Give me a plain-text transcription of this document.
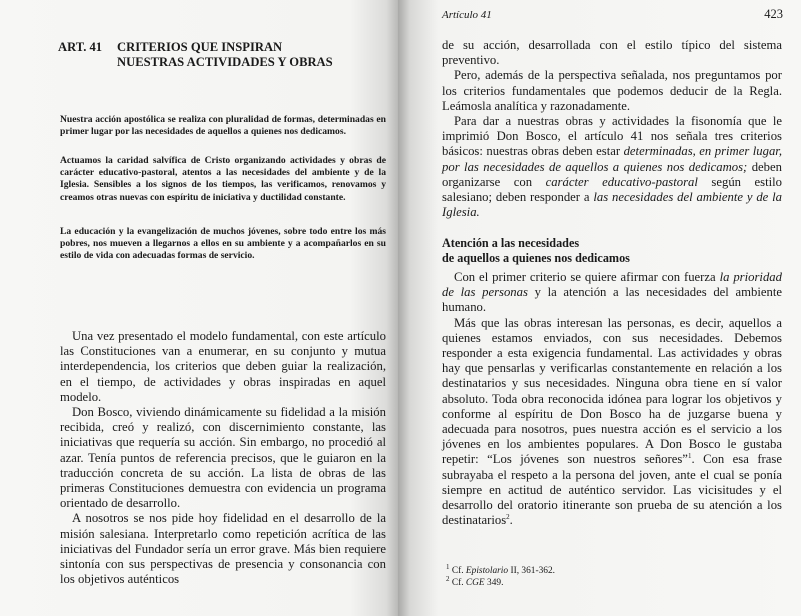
ART. 41 CRITERIOS QUE INSPIRAN
NUESTRAS ACTIVIDADES Y OBRAS

Nuestra acción apostólica se realiza con pluralidad de formas, determinadas en primer lugar por las necesidades de aquellos a quienes nos dedicamos.

Actuamos la caridad salvífica de Cristo organizando actividades y obras de carácter educativo-pastoral, atentos a las necesidades del ambiente y de la Iglesia. Sensibles a los signos de los tiempos, las verificamos, renovamos y creamos otras nuevas con espíritu de iniciativa y ductilidad constante.

La educación y la evangelización de muchos jóvenes, sobre todo entre los más pobres, nos mueven a llegarnos a ellos en su ambiente y a acompañarlos en su estilo de vida con adecuadas formas de servicio.

Una vez presentado el modelo fundamental, con este artículo las Constituciones van a enumerar, en su conjunto y mutua interdependencia, los criterios que deben guiar la realización, en el tiempo, de actividades y obras inspiradas en aquel modelo.

Don Bosco, viviendo dinámicamente su fidelidad a la misión recibida, creó y realizó, con discernimiento constante, las iniciativas que requería su acción. Sin embargo, no procedió al azar. Tenía puntos de referencia precisos, que le guiaron en la traducción concreta de su acción. La lista de obras de las primeras Constituciones demuestra con evidencia un programa orientado de desarrollo.

A nosotros se nos pide hoy fidelidad en el desarrollo de la misión salesiana. Interpretarlo como repetición acrítica de las iniciativas del Fundador sería un error grave. Más bien requiere sintonía con sus perspectivas de presencia y consonancia con los objetivos auténticos

Artículo 41	423

de su acción, desarrollada con el estilo típico del sistema preventivo.

Pero, además de la perspectiva señalada, nos preguntamos por los criterios fundamentales que podemos deducir de la Regla. Leámosla analítica y razonadamente.

Para dar a nuestras obras y actividades la fisonomía que le imprimió Don Bosco, el artículo 41 nos señala tres criterios básicos: nuestras obras deben estar determinadas, en primer lugar, por las necesidades de aquellos a quienes nos dedicamos; deben organizarse con carácter educativo-pastoral según estilo salesiano; deben responder a las necesidades del ambiente y de la Iglesia.

Atención a las necesidades
de aquellos a quienes nos dedicamos

Con el primer criterio se quiere afirmar con fuerza la prioridad de las personas y la atención a las necesidades del ambiente humano.

Más que las obras interesan las personas, es decir, aquellos a quienes estamos enviados, con sus necesidades. Debemos responder a esta exigencia fundamental. Las actividades y obras hay que pensarlas y verificarlas constantemente en relación a los destinatarios y sus necesidades. Ninguna obra tiene en sí valor absoluto. Toda obra reconocida idónea para lograr los objetivos y conforme al espíritu de Don Bosco ha de juzgarse buena y adecuada para nosotros, pues nuestra acción es el servicio a los jóvenes en los ambientes populares. A Don Bosco le gustaba repetir: “Los jóvenes son nuestros señores”$^1$. Con esa frase subrayaba el respeto a la persona del joven, ante el cual se ponía siempre en actitud de auténtico servidor. Las vicisitudes y el desarrollo del oratorio itinerante son prueba de su atención a los destinatarios$^2$.

$^1$ Cf. Epistolario II, 361-362.
$^2$ Cf. CGE 349.
